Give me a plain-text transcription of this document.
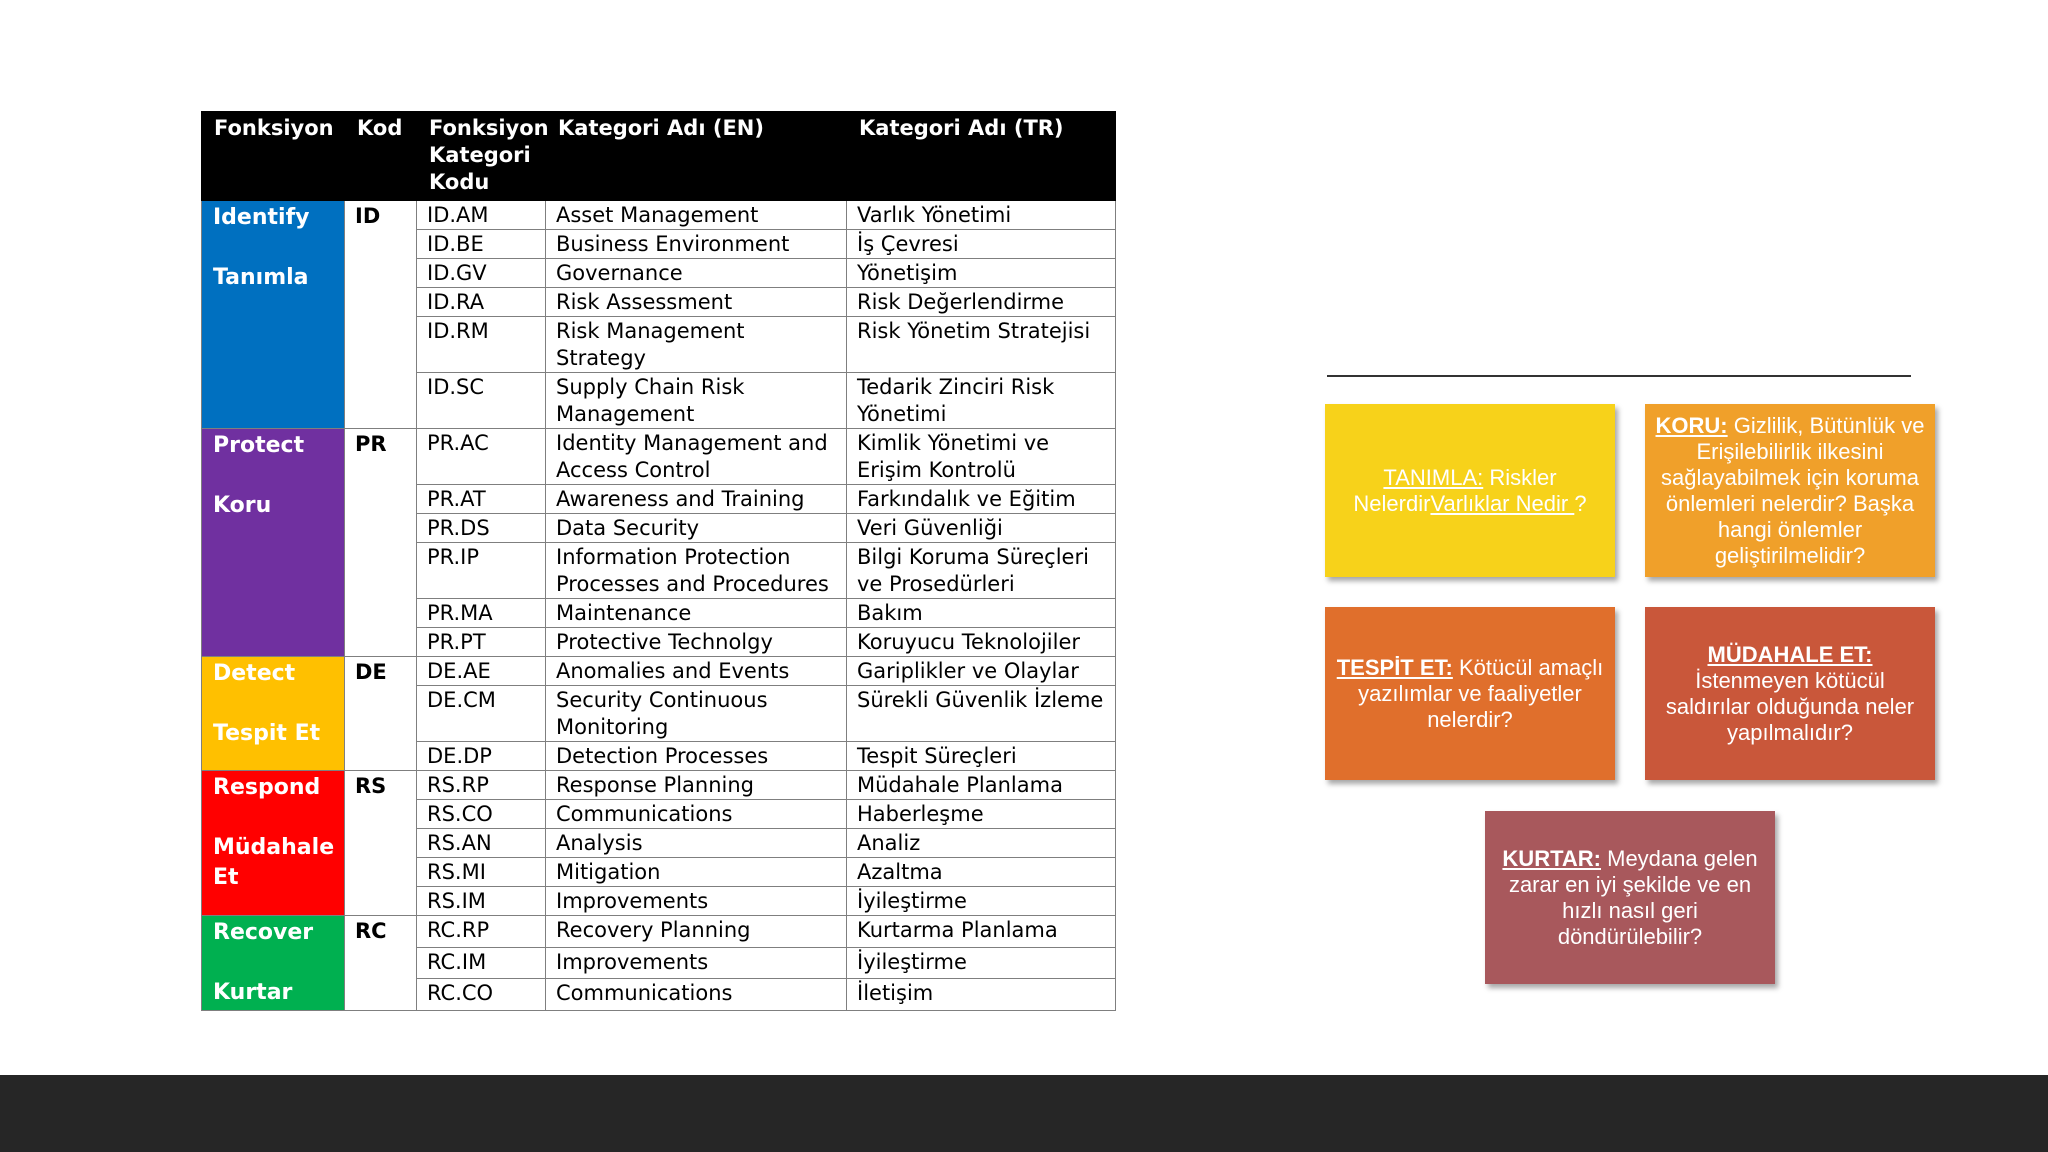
Fonksiyon	Kod	Fonksiyon Kategori Kodu	Kategori Adı (EN)	Kategori Adı (TR)

Identify
Tanımla	ID	ID.AM	Asset Management	Varlık Yönetimi
		ID.BE	Business Environment	İş Çevresi
		ID.GV	Governance	Yönetişim
		ID.RA	Risk Assessment	Risk Değerlendirme
		ID.RM	Risk Management Strategy	Risk Yönetim Stratejisi
		ID.SC	Supply Chain Risk Management	Tedarik Zinciri Risk Yönetimi

Protect
Koru	PR	PR.AC	Identity Management and Access Control	Kimlik Yönetimi ve Erişim Kontrolü
		PR.AT	Awareness and Training	Farkındalık ve Eğitim
		PR.DS	Data Security	Veri Güvenliği
		PR.IP	Information Protection Processes and Procedures	Bilgi Koruma Süreçleri ve Prosedürleri
		PR.MA	Maintenance	Bakım
		PR.PT	Protective Technolgy	Koruyucu Teknolojiler

Detect
Tespit Et	DE	DE.AE	Anomalies and Events	Gariplikler ve Olaylar
		DE.CM	Security Continuous Monitoring	Sürekli Güvenlik İzleme
		DE.DP	Detection Processes	Tespit Süreçleri

Respond
Müdahale Et	RS	RS.RP	Response Planning	Müdahale Planlama
		RS.CO	Communications	Haberleşme
		RS.AN	Analysis	Analiz
		RS.MI	Mitigation	Azaltma
		RS.IM	Improvements	İyileştirme

Recover
Kurtar	RC	RC.RP	Recovery Planning	Kurtarma Planlama
		RC.IM	Improvements	İyileştirme
		RC.CO	Communications	İletişim
TANIMLA: Riskler NelerdirVarlıklar Nedir ?
KORU: Gizlilik, Bütünlük ve Erişilebilirlik ilkesini sağlayabilmek için koruma önlemleri nelerdir? Başka hangi önlemler geliştirilmelidir?
TESPİT ET: Kötücül amaçlı yazılımlar ve faaliyetler nelerdir?
MÜDAHALE ET:
İstenmeyen kötücül saldırılar olduğunda neler yapılmalıdır?
KURTAR: Meydana gelen zarar en iyi şekilde ve en hızlı nasıl geri döndürülebilir?
